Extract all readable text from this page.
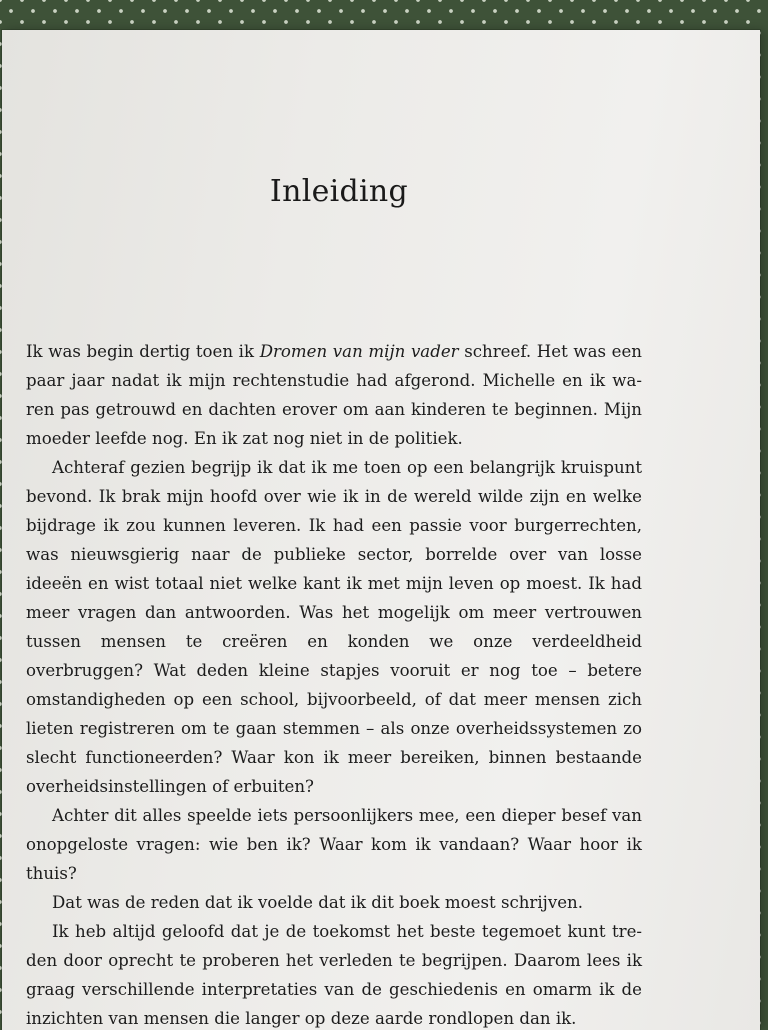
Inleiding

Ik was begin dertig toen ik Dromen van mijn vader schreef. Het was een paar jaar nadat ik mijn rechtenstudie had afgerond. Michelle en ik waren pas getrouwd en dachten erover om aan kinderen te beginnen. Mijn moeder leefde nog. En ik zat nog niet in de politiek.

Achteraf gezien begrijp ik dat ik me toen op een belangrijk kruispunt bevond. Ik brak mijn hoofd over wie ik in de wereld wilde zijn en welke bijdrage ik zou kunnen leveren. Ik had een passie voor burgerrechten, was nieuwsgierig naar de publieke sector, borrelde over van losse ideeën en wist totaal niet welke kant ik met mijn leven op moest. Ik had meer vragen dan antwoorden. Was het mogelijk om meer vertrouwen tussen mensen te creëren en konden we onze verdeeldheid overbruggen? Wat deden kleine stapjes vooruit er nog toe – betere omstandigheden op een school, bijvoorbeeld, of dat meer mensen zich lieten registreren om te gaan stemmen – als onze overheidssystemen zo slecht functioneerden? Waar kon ik meer bereiken, binnen bestaande overheidsinstellingen of erbuiten?

Achter dit alles speelde iets persoonlijkers mee, een dieper besef van onopgeloste vragen: wie ben ik? Waar kom ik vandaan? Waar hoor ik thuis?

Dat was de reden dat ik voelde dat ik dit boek moest schrijven.

Ik heb altijd geloofd dat je de toekomst het beste tegemoet kunt treden door oprecht te proberen het verleden te begrijpen. Daarom lees ik graag verschillende interpretaties van de geschiedenis en omarm ik de inzichten van mensen die langer op deze aarde rondlopen dan ik.
